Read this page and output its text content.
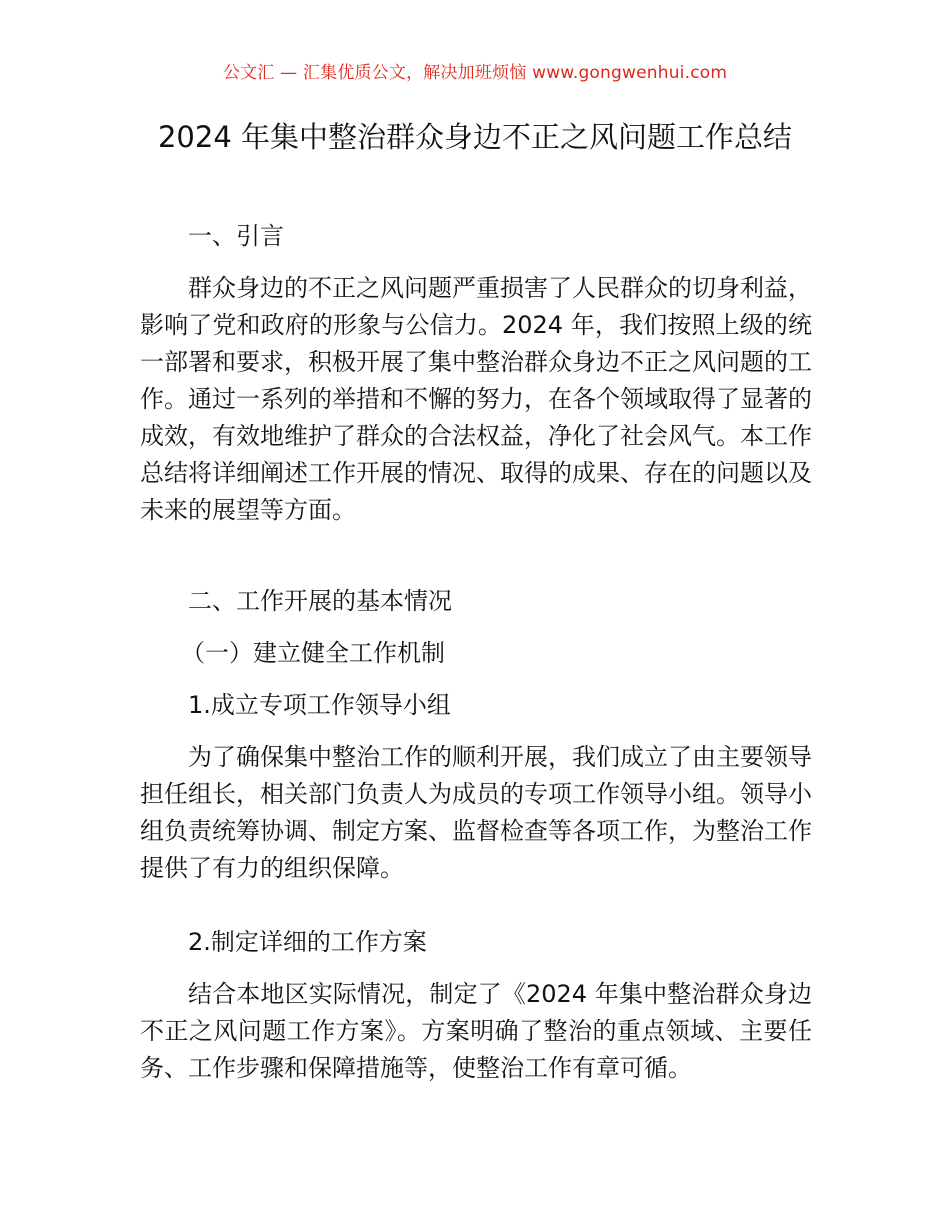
公文汇 — 汇集优质公文，解决加班烦恼 www.gongwenhui.com
2024 年集中整治群众身边不正之风问题工作总结

一、引言

群众身边的不正之风问题严重损害了人民群众的切身利益，影响了党和政府的形象与公信力。2024 年，我们按照上级的统一部署和要求，积极开展了集中整治群众身边不正之风问题的工作。通过一系列的举措和不懈的努力，在各个领域取得了显著的成效，有效地维护了群众的合法权益，净化了社会风气。本工作总结将详细阐述工作开展的情况、取得的成果、存在的问题以及未来的展望等方面。

二、工作开展的基本情况

（一）建立健全工作机制

1.成立专项工作领导小组

为了确保集中整治工作的顺利开展，我们成立了由主要领导担任组长，相关部门负责人为成员的专项工作领导小组。领导小组负责统筹协调、制定方案、监督检查等各项工作，为整治工作提供了有力的组织保障。

2.制定详细的工作方案

结合本地区实际情况，制定了《2024 年集中整治群众身边不正之风问题工作方案》。方案明确了整治的重点领域、主要任务、工作步骤和保障措施等，使整治工作有章可循。
